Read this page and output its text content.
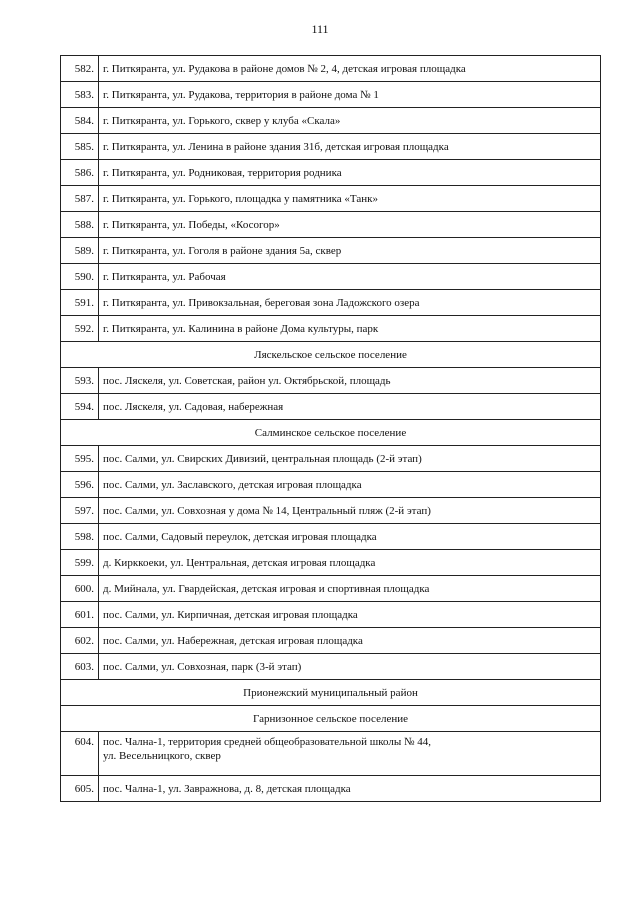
111
582.	г. Питкяранта, ул. Рудакова в районе домов № 2, 4, детская игровая площадка
583.	г. Питкяранта, ул. Рудакова, территория в районе дома № 1
584.	г. Питкяранта, ул. Горького, сквер у клуба «Скала»
585.	г. Питкяранта, ул. Ленина в районе здания 31б, детская игровая площадка
586.	г. Питкяранта, ул. Родниковая, территория родника
587.	г. Питкяранта, ул. Горького, площадка у памятника «Танк»
588.	г. Питкяранта, ул. Победы, «Косогор»
589.	г. Питкяранта, ул. Гоголя в районе здания 5а, сквер
590.	г. Питкяранта, ул. Рабочая
591.	г. Питкяранта, ул. Привокзальная, береговая зона Ладожского озера
592.	г. Питкяранта, ул. Калинина в районе Дома культуры, парк
Ляскельское сельское поселение	
593.	пос. Ляскеля, ул. Советская, район ул. Октябрьской, площадь
594.	пос. Ляскеля, ул. Садовая, набережная
Салминское сельское поселение	
595.	пос. Салми, ул. Свирских Дивизий, центральная площадь (2-й этап)
596.	пос. Салми, ул. Заславского, детская игровая площадка
597.	пос. Салми, ул. Совхозная у дома № 14, Центральный пляж (2-й этап)
598.	пос. Салми, Садовый переулок, детская игровая площадка
599.	д. Кирккоеки, ул. Центральная, детская игровая площадка
600.	д. Мийнала, ул. Гвардейская, детская игровая и спортивная площадка
601.	пос. Салми, ул. Кирпичная, детская игровая площадка
602.	пос. Салми, ул. Набережная, детская игровая площадка
603.	пос. Салми, ул. Совхозная, парк (3-й этап)
Прионежский муниципальный район	
Гарнизонное сельское поселение	
604.	пос. Чална-1, территория средней общеобразовательной школы № 44,
ул. Весельницкого, сквер
605.	пос. Чална-1, ул. Завражнова, д. 8, детская площадка
